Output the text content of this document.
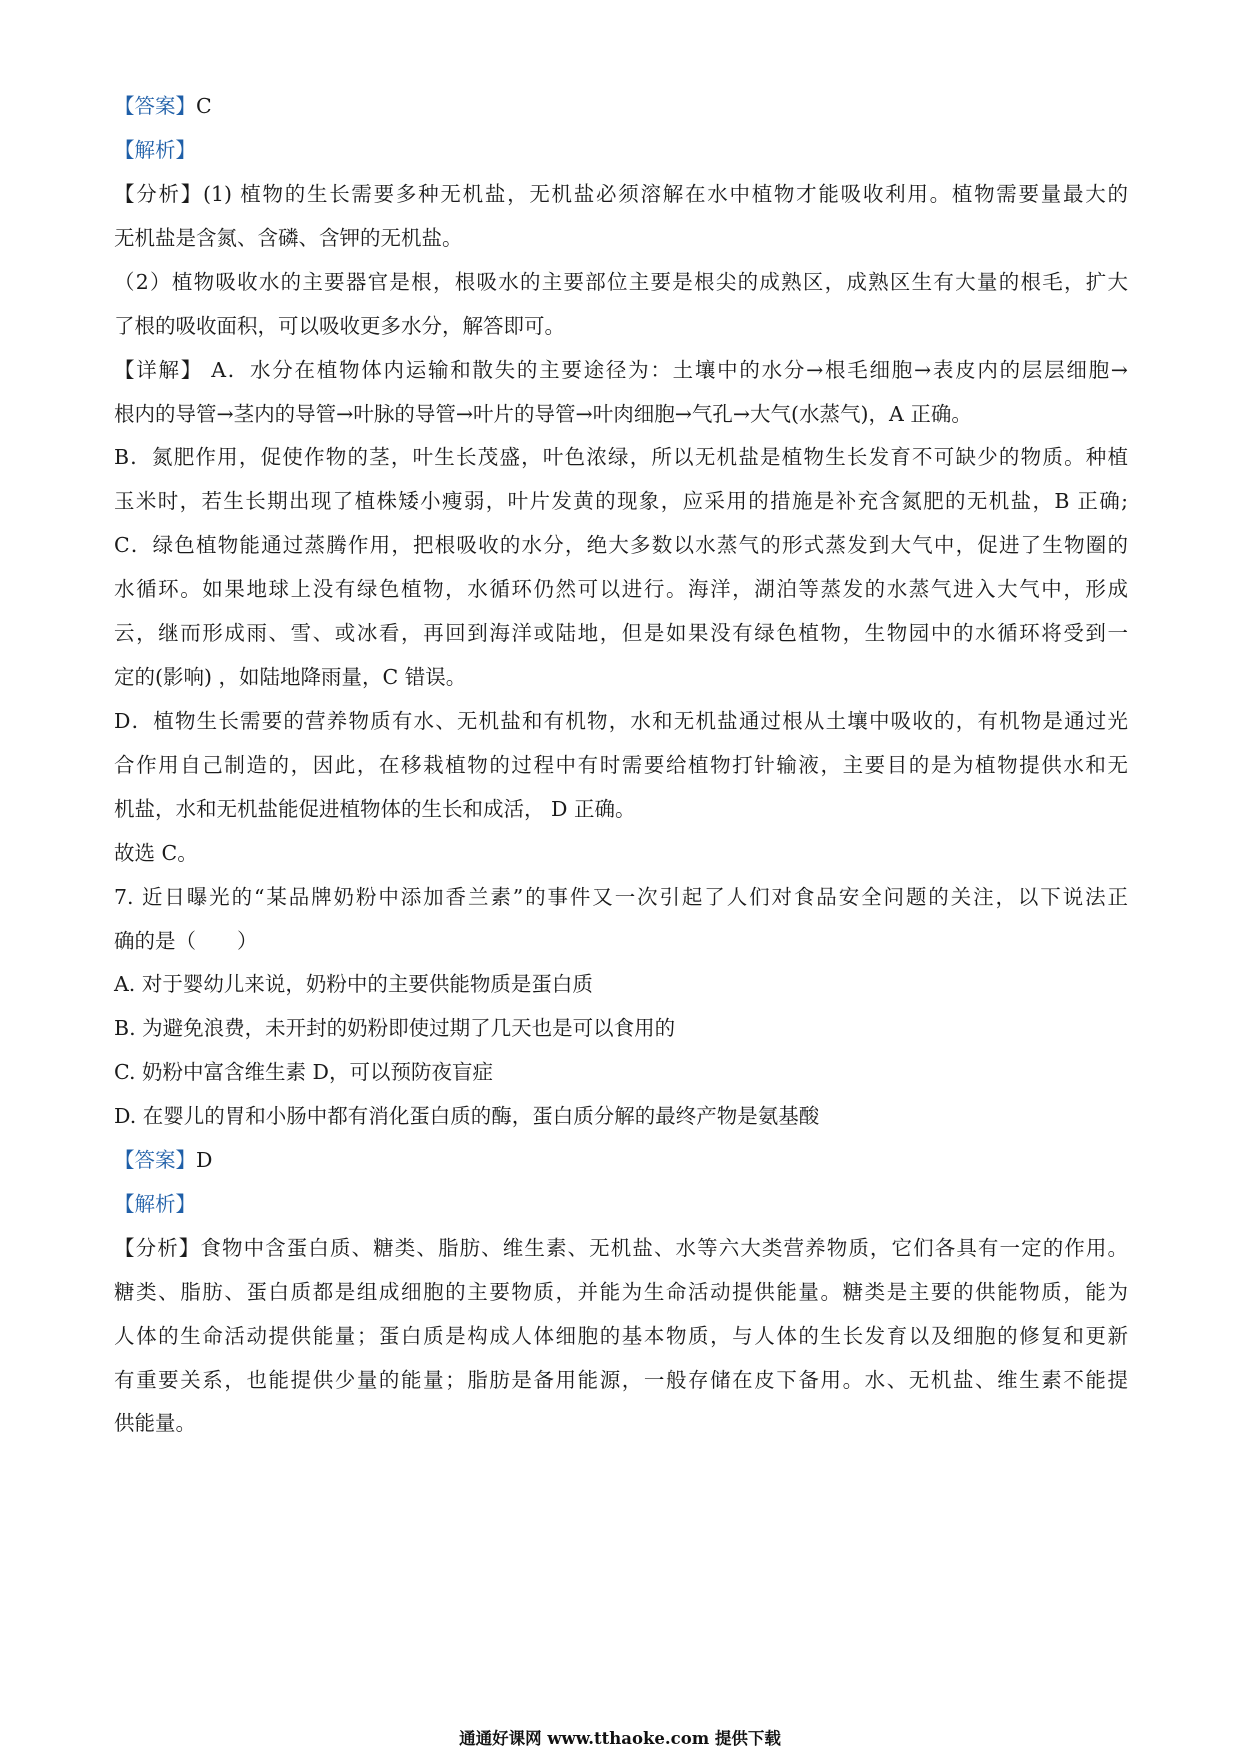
【答案】C
【解析】
【分析】(1) 植物的生长需要多种无机盐，无机盐必须溶解在水中植物才能吸收利用。植物需要量最大的
无机盐是含氮、含磷、含钾的无机盐。
（2）植物吸收水的主要器官是根，根吸水的主要部位主要是根尖的成熟区，成熟区生有大量的根毛，扩大
了根的吸收面积，可以吸收更多水分，解答即可。
【详解】 A．水分在植物体内运输和散失的主要途径为：土壤中的水分→根毛细胞→表皮内的层层细胞→
根内的导管→茎内的导管→叶脉的导管→叶片的导管→叶肉细胞→气孔→大气(水蒸气)，A 正确。
B．氮肥作用，促使作物的茎，叶生长茂盛，叶色浓绿，所以无机盐是植物生长发育不可缺少的物质。种植
玉米时，若生长期出现了植株矮小瘦弱，叶片发黄的现象，应采用的措施是补充含氮肥的无机盐，B 正确;
C．绿色植物能通过蒸腾作用，把根吸收的水分，绝大多数以水蒸气的形式蒸发到大气中，促进了生物圈的
水循环。如果地球上没有绿色植物，水循环仍然可以进行。海洋，湖泊等蒸发的水蒸气进入大气中，形成
云，继而形成雨、雪、或冰看，再回到海洋或陆地，但是如果没有绿色植物，生物园中的水循环将受到一
定的(影响) ，如陆地降雨量，C 错误。
D．植物生长需要的营养物质有水、无机盐和有机物，水和无机盐通过根从土壤中吸收的，有机物是通过光
合作用自己制造的，因此，在移栽植物的过程中有时需要给植物打针输液，主要目的是为植物提供水和无
机盐，水和无机盐能促进植物体的生长和成活， D 正确。
故选 C。
7. 近日曝光的“某品牌奶粉中添加香兰素”的事件又一次引起了人们对食品安全问题的关注，以下说法正
确的是（　　）
A. 对于婴幼儿来说，奶粉中的主要供能物质是蛋白质
B. 为避免浪费，未开封的奶粉即使过期了几天也是可以食用的
C. 奶粉中富含维生素 D，可以预防夜盲症
D. 在婴儿的胃和小肠中都有消化蛋白质的酶，蛋白质分解的最终产物是氨基酸
【答案】D
【解析】
【分析】食物中含蛋白质、糖类、脂肪、维生素、无机盐、水等六大类营养物质，它们各具有一定的作用。
糖类、脂肪、蛋白质都是组成细胞的主要物质，并能为生命活动提供能量。糖类是主要的供能物质，能为
人体的生命活动提供能量；蛋白质是构成人体细胞的基本物质，与人体的生长发育以及细胞的修复和更新
有重要关系，也能提供少量的能量；脂肪是备用能源，一般存储在皮下备用。水、无机盐、维生素不能提
供能量。
通通好课网 www.tthaoke.com 提供下载
